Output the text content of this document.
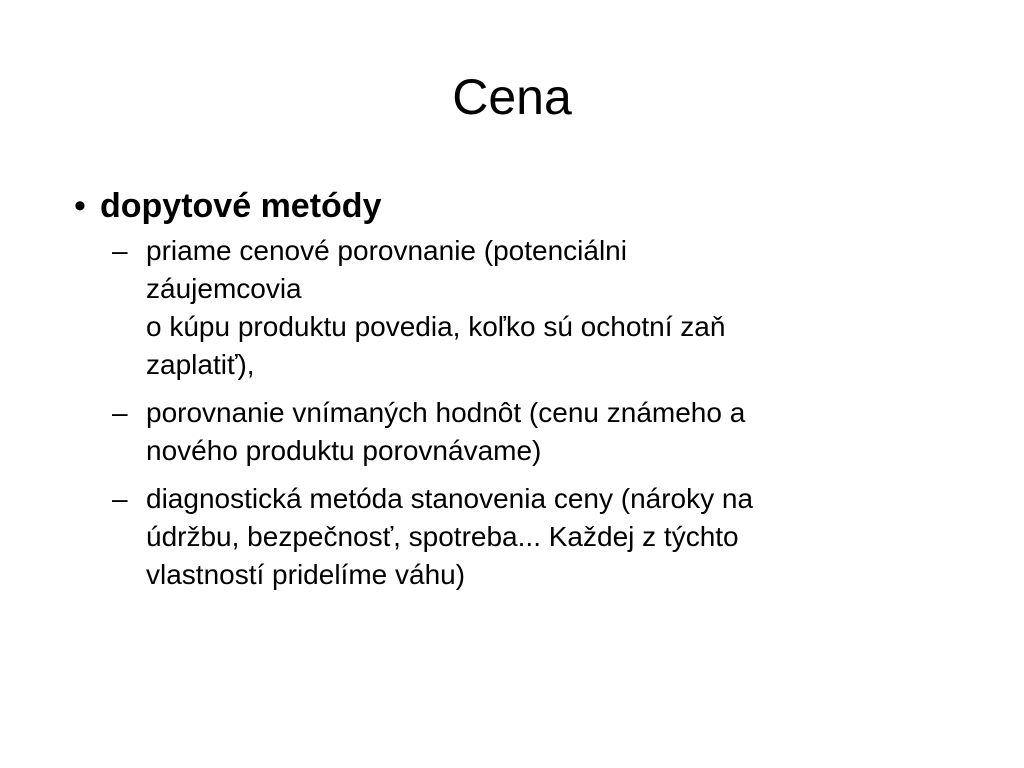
Cena
• dopytové metódy
– priame cenové porovnanie (potenciálni
záujemcovia
o kúpu produktu povedia, koľko sú ochotní zaň
zaplatiť),
– porovnanie vnímaných hodnôt (cenu známeho a
nového produktu porovnávame)
– diagnostická metóda stanovenia ceny (nároky na
údržbu, bezpečnosť, spotreba... Každej z týchto
vlastností pridelíme váhu)
